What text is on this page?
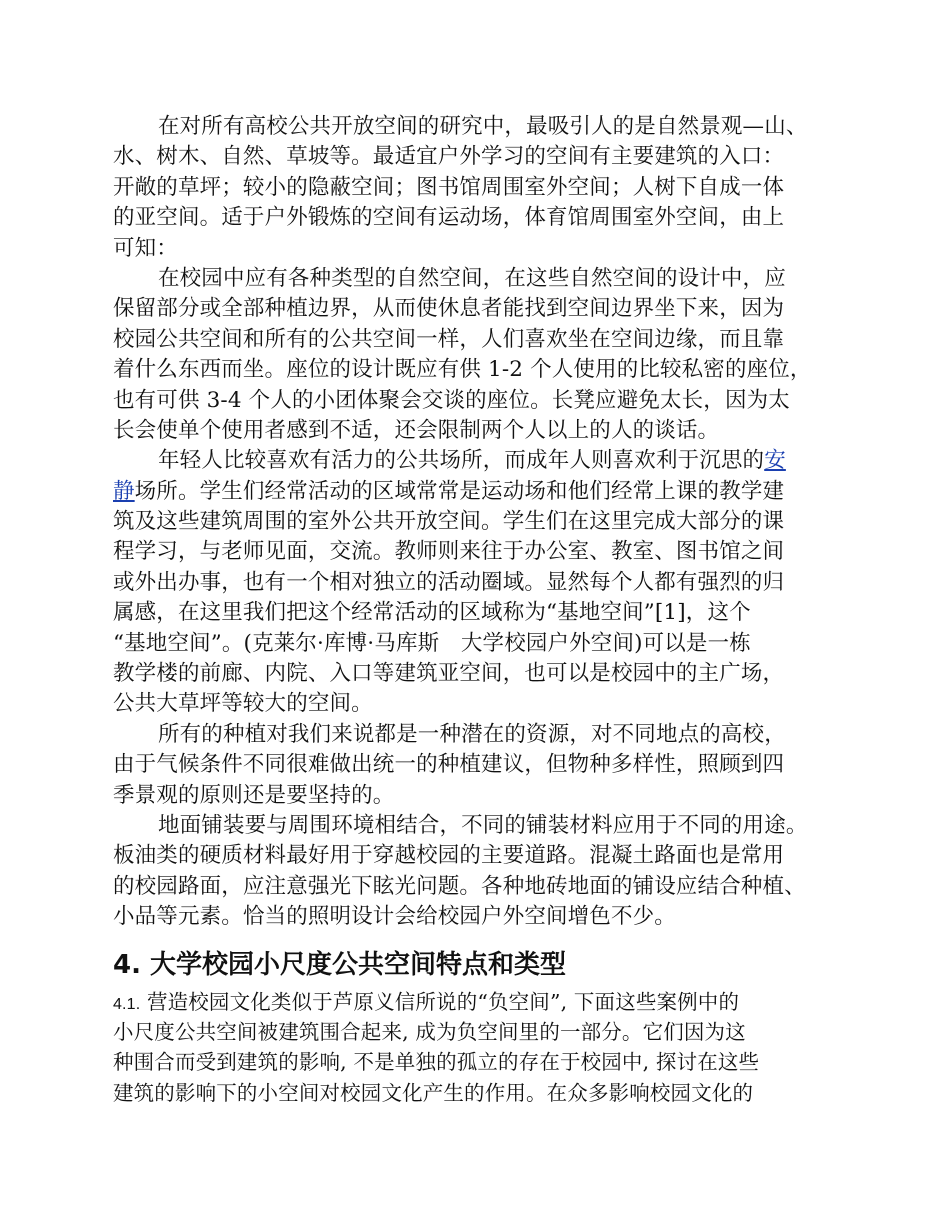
在对所有高校公共开放空间的研究中，最吸引人的是自然景观—山、
水、树木、自然、草坡等。最适宜户外学习的空间有主要建筑的入口：
开敞的草坪；较小的隐蔽空间；图书馆周围室外空间；人树下自成一体
的亚空间。适于户外锻炼的空间有运动场，体育馆周围室外空间，由上
可知：
在校园中应有各种类型的自然空间，在这些自然空间的设计中，应
保留部分或全部种植边界，从而使休息者能找到空间边界坐下来，因为
校园公共空间和所有的公共空间一样，人们喜欢坐在空间边缘，而且靠
着什么东西而坐。座位的设计既应有供 1-2 个人使用的比较私密的座位，
也有可供 3-4 个人的小团体聚会交谈的座位。长凳应避免太长，因为太
长会使单个使用者感到不适，还会限制两个人以上的人的谈话。
年轻人比较喜欢有活力的公共场所，而成年人则喜欢利于沉思的安
静场所。学生们经常活动的区域常常是运动场和他们经常上课的教学建
筑及这些建筑周围的室外公共开放空间。学生们在这里完成大部分的课
程学习，与老师见面，交流。教师则来往于办公室、教室、图书馆之间
或外出办事，也有一个相对独立的活动圈域。显然每个人都有强烈的归
属感，在这里我们把这个经常活动的区域称为“基地空间”[1]，这个
“基地空间”。(克莱尔·库博·马库斯　大学校园户外空间)可以是一栋
教学楼的前廊、内院、入口等建筑亚空间，也可以是校园中的主广场，
公共大草坪等较大的空间。
所有的种植对我们来说都是一种潜在的资源，对不同地点的高校，
由于气候条件不同很难做出统一的种植建议，但物种多样性，照顾到四
季景观的原则还是要坚持的。
地面铺装要与周围环境相结合，不同的铺装材料应用于不同的用途。
板油类的硬质材料最好用于穿越校园的主要道路。混凝土路面也是常用
的校园路面，应注意强光下眩光问题。各种地砖地面的铺设应结合种植、
小品等元素。恰当的照明设计会给校园户外空间增色不少。
4. 大学校园小尺度公共空间特点和类型
4.1. 营造校园文化类似于芦原义信所说的“负空间”, 下面这些案例中的
小尺度公共空间被建筑围合起来, 成为负空间里的一部分。它们因为这
种围合而受到建筑的影响, 不是单独的孤立的存在于校园中, 探讨在这些
建筑的影响下的小空间对校园文化产生的作用。在众多影响校园文化的
